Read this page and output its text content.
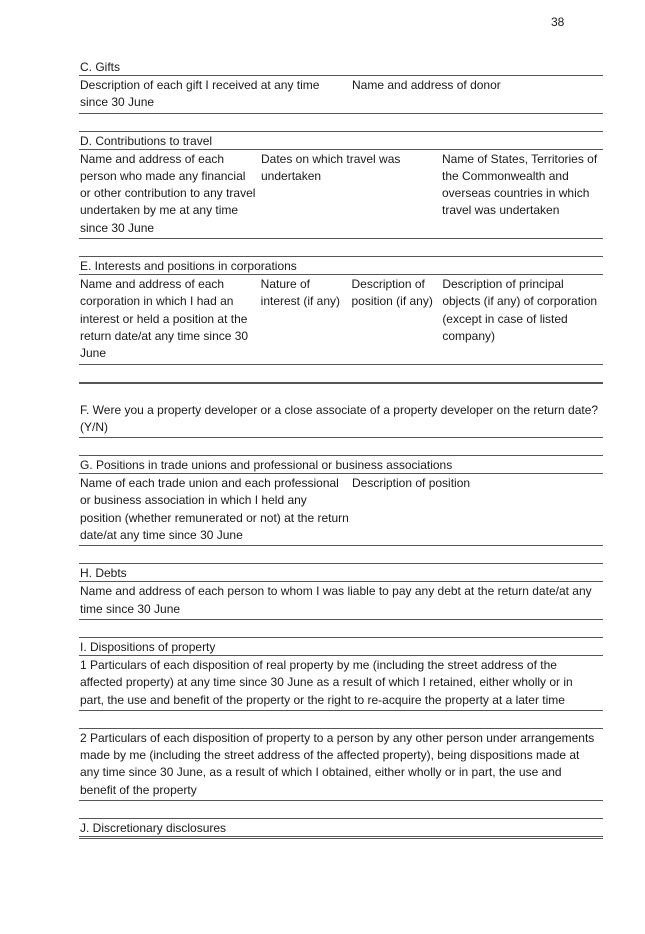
38
C. Gifts
Description of each gift I received at any time since 30 June
Name and address of donor
D. Contributions to travel
Name and address of each person who made any financial or other contribution to any travel undertaken by me at any time since 30 June
Dates on which travel was undertaken
Name of States, Territories of the Commonwealth and overseas countries in which travel was undertaken
E. Interests and positions in corporations
Name and address of each corporation in which I had an interest or held a position at the return date/at any time since 30 June
Nature of interest (if any)
Description of position (if any)
Description of principal objects (if any) of corporation (except in case of listed company)
F. Were you a property developer or a close associate of a property developer on the return date? (Y/N)
G. Positions in trade unions and professional or business associations
Name of each trade union and each professional or business association in which I held any position (whether remunerated or not) at the return date/at any time since 30 June
Description of position
H. Debts
Name and address of each person to whom I was liable to pay any debt at the return date/at any time since 30 June
I. Dispositions of property
1 Particulars of each disposition of real property by me (including the street address of the affected property) at any time since 30 June as a result of which I retained, either wholly or in part, the use and benefit of the property or the right to re-acquire the property at a later time
2 Particulars of each disposition of property to a person by any other person under arrangements made by me (including the street address of the affected property), being dispositions made at any time since 30 June, as a result of which I obtained, either wholly or in part, the use and benefit of the property
J. Discretionary disclosures
